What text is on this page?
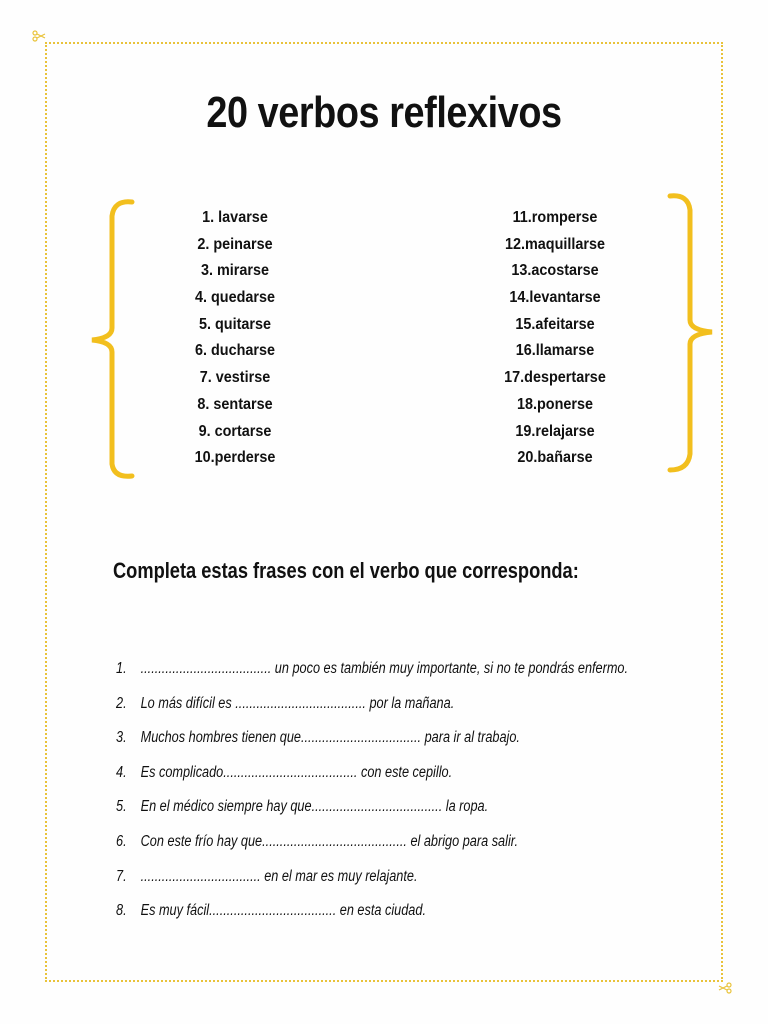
20 verbos reflexivos
1. lavarse
2. peinarse
3. mirarse
4. quedarse
5. quitarse
6. ducharse
7. vestirse
8. sentarse
9. cortarse
10.perderse
11.romperse
12.maquillarse
13.acostarse
14.levantarse
15.afeitarse
16.llamarse
17.despertarse
18.ponerse
19.relajarse
20.bañarse
Completa estas frases con el verbo que corresponda:
1. ..................................... un poco es también muy importante, si no te pondrás enfermo.
2. Lo más difícil es ..................................... por la mañana.
3. Muchos hombres tienen que.................................. para ir al trabajo.
4. Es complicado...................................... con este cepillo.
5. En el médico siempre hay que..................................... la ropa.
6. Con este frío hay que......................................... el abrigo para salir.
7. .................................. en el mar es muy relajante.
8. Es muy fácil.................................... en esta ciudad.
